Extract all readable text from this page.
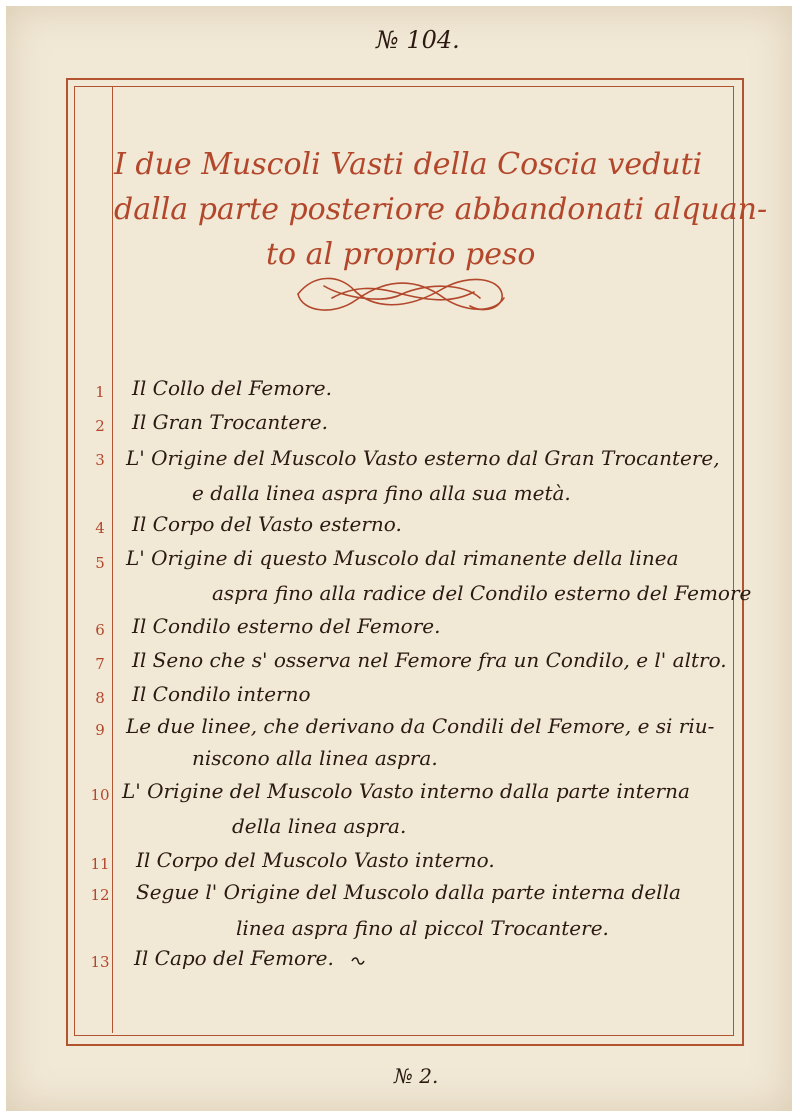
№ 104.
I due Muscoli Vasti della Coscia veduti
dalla parte posteriore abbandonati alquan-
to al proprio peso
1	Il Collo del Femore.
2	Il Gran Trocantere.
3	L' Origine del Muscolo Vasto esterno dal Gran Trocantere,
e dalla linea aspra fino alla sua metà.
4	Il Corpo del Vasto esterno.
5	L' Origine di questo Muscolo dal rimanente della linea
aspra fino alla radice del Condilo esterno del Femore
6	Il Condilo esterno del Femore.
7	Il Seno che s' osserva nel Femore fra un Condilo, e l' altro.
8	Il Condilo interno
9	Le due linee, che derivano da Condili del Femore, e si riu-
niscono alla linea aspra.
10 L' Origine del Muscolo Vasto interno dalla parte interna
della linea aspra.
11 Il Corpo del Muscolo Vasto interno.
12 Segue l' Origine del Muscolo dalla parte interna della
linea aspra fino al piccol Trocantere.
13 Il Capo del Femore.
№ 2.
